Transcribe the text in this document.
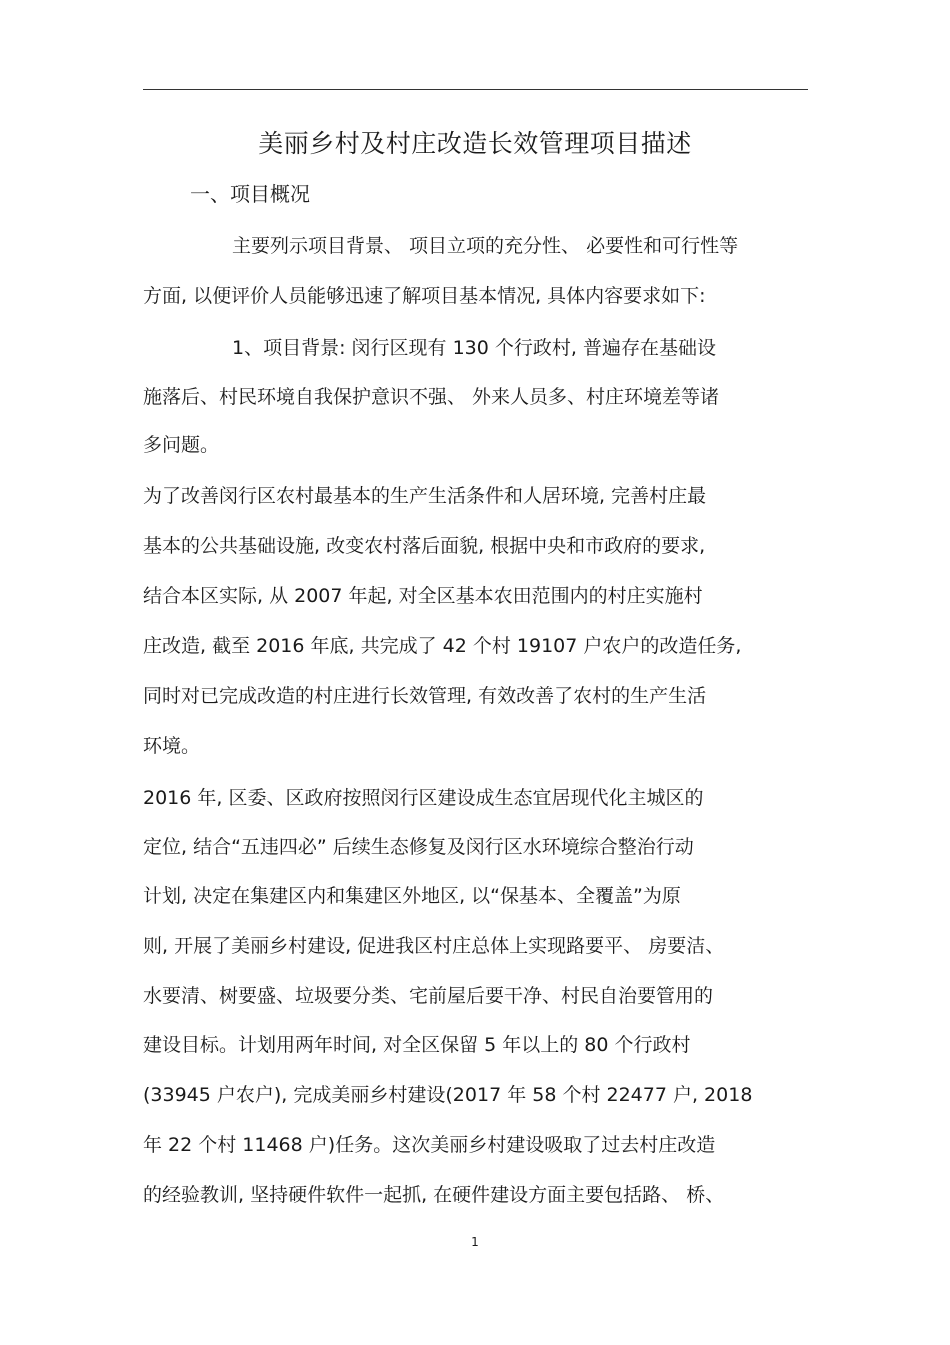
美丽乡村及村庄改造长效管理项目描述
一、项目概况
主要列示项目背景、 项目立项的充分性、 必要性和可行性等
方面, 以便评价人员能够迅速了解项目基本情况, 具体内容要求如下:
1、项目背景: 闵行区现有 130 个行政村, 普遍存在基础设
施落后、村民环境自我保护意识不强、 外来人员多、村庄环境差等诸
多问题。
为了改善闵行区农村最基本的生产生活条件和人居环境, 完善村庄最
基本的公共基础设施, 改变农村落后面貌, 根据中央和市政府的要求,
结合本区实际, 从 2007 年起, 对全区基本农田范围内的村庄实施村
庄改造, 截至 2016 年底, 共完成了 42 个村 19107 户农户的改造任务,
同时对已完成改造的村庄进行长效管理, 有效改善了农村的生产生活
环境。
2016 年, 区委、区政府按照闵行区建设成生态宜居现代化主城区的
定位, 结合“五违四必” 后续生态修复及闵行区水环境综合整治行动
计划, 决定在集建区内和集建区外地区, 以“保基本、全覆盖”为原
则, 开展了美丽乡村建设, 促进我区村庄总体上实现路要平、 房要洁、
水要清、树要盛、垃圾要分类、宅前屋后要干净、村民自治要管用的
建设目标。计划用两年时间, 对全区保留 5 年以上的 80 个行政村
(33945 户农户), 完成美丽乡村建设(2017 年 58 个村 22477 户, 2018
年 22 个村 11468 户)任务。这次美丽乡村建设吸取了过去村庄改造
的经验教训, 坚持硬件软件一起抓, 在硬件建设方面主要包括路、 桥、
1
